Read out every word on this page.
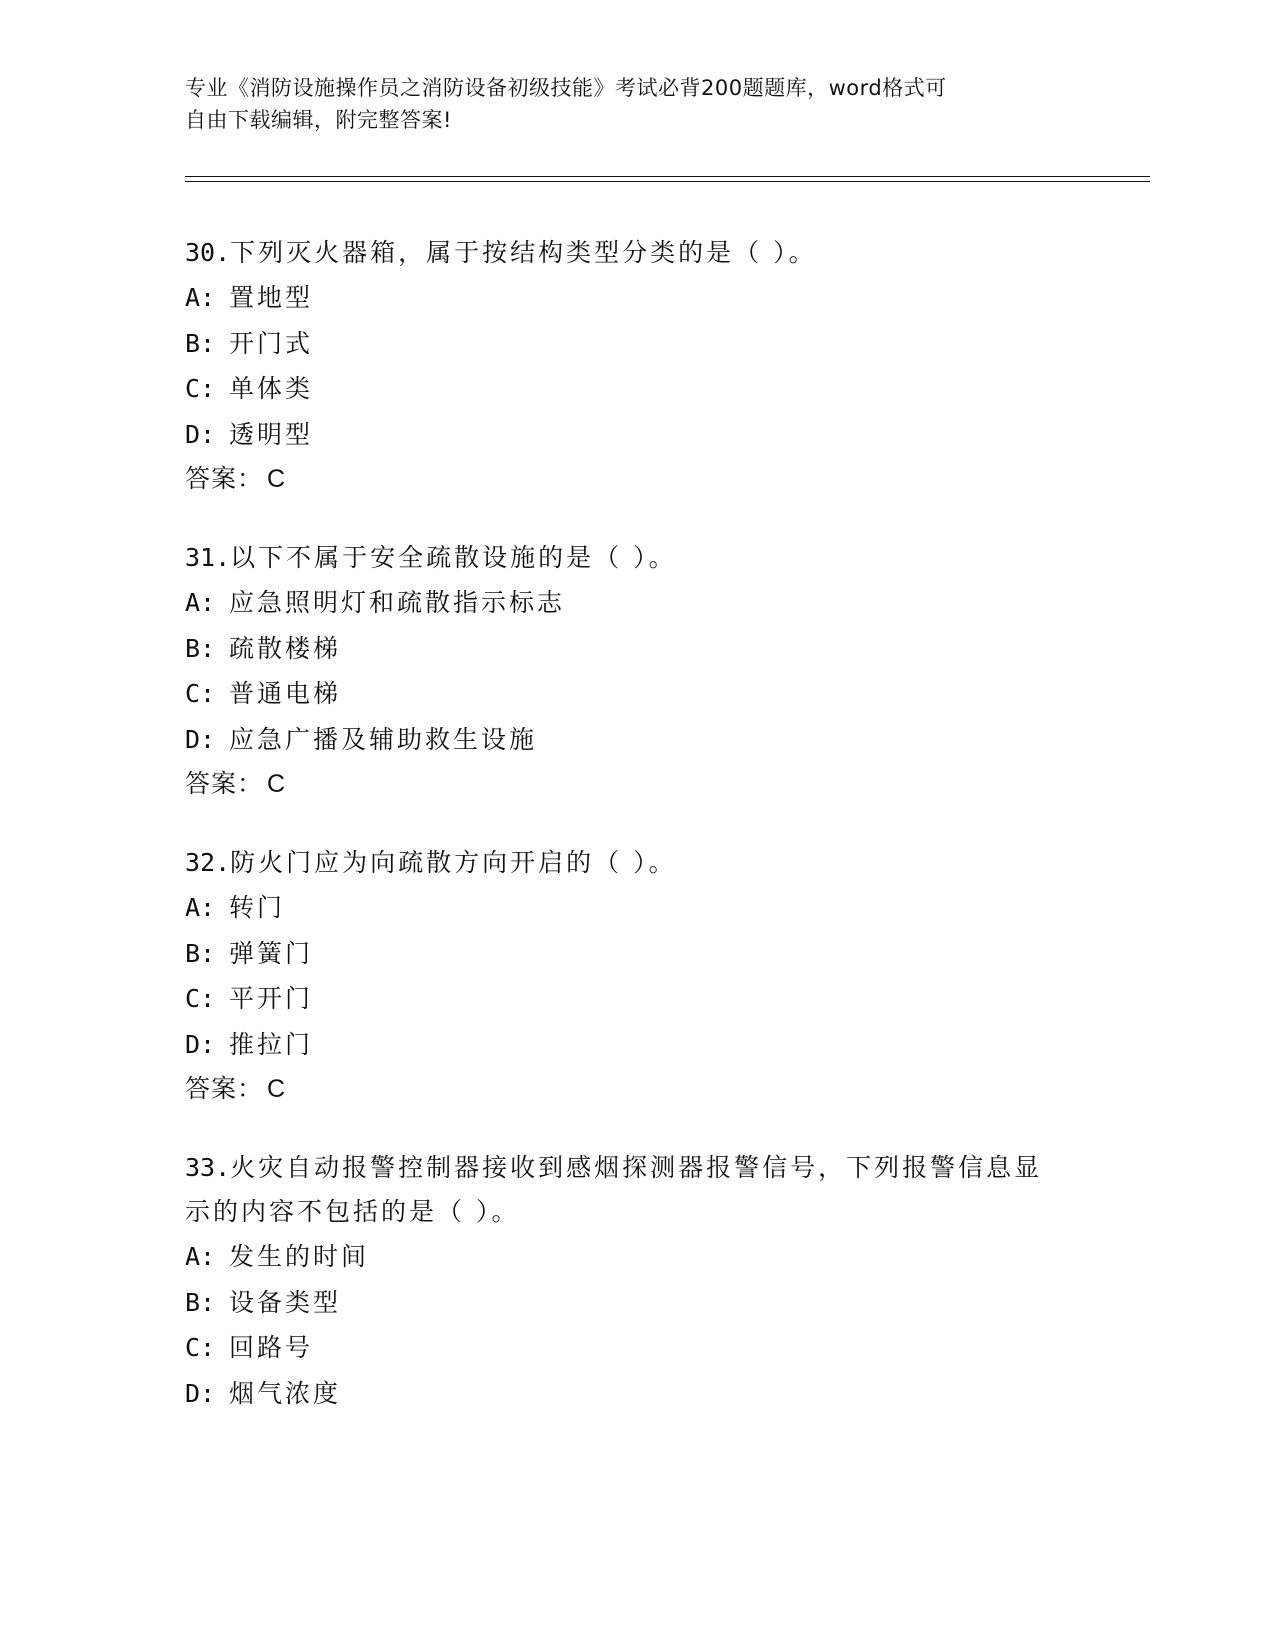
专业《消防设施操作员之消防设备初级技能》考试必背200题题库，word格式可
自由下载编辑，附完整答案!
30.下列灭火器箱，属于按结构类型分类的是（ ）。
A: 置地型
B: 开门式
C: 单体类
D: 透明型
答案： C
31.以下不属于安全疏散设施的是（ ）。
A: 应急照明灯和疏散指示标志
B: 疏散楼梯
C: 普通电梯
D: 应急广播及辅助救生设施
答案： C
32.防火门应为向疏散方向开启的（ ）。
A: 转门
B: 弹簧门
C: 平开门
D: 推拉门
答案： C
33.火灾自动报警控制器接收到感烟探测器报警信号，下列报警信息显
示的内容不包括的是（ ）。
A: 发生的时间
B: 设备类型
C: 回路号
D: 烟气浓度
